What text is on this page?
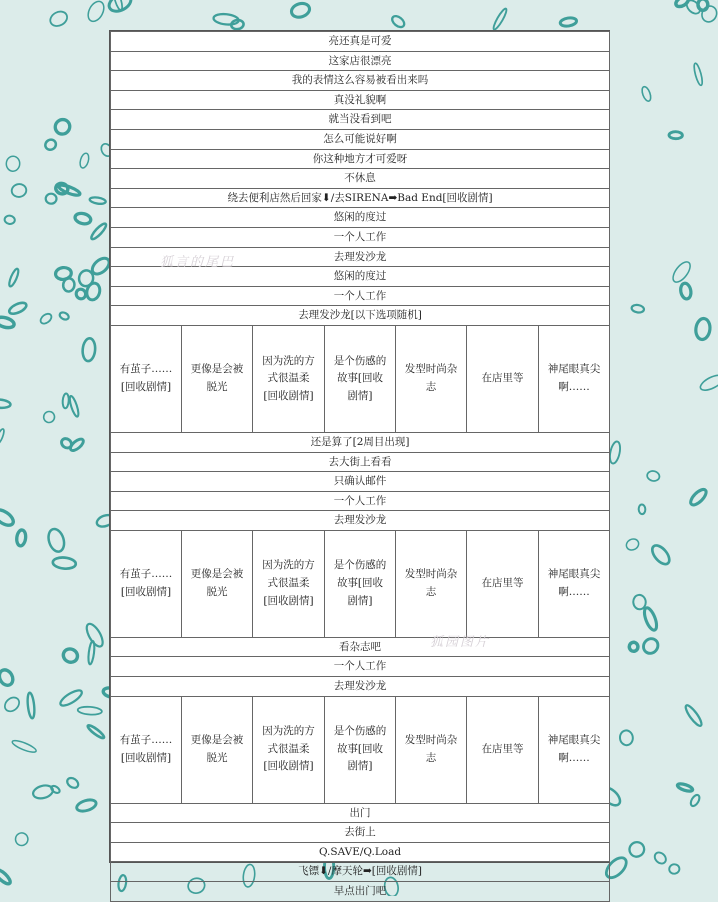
亮还真是可爱						
这家店很漂亮						
我的表情这么容易被看出来吗						
真没礼貌啊						
就当没看到吧						
怎么可能说好啊						
你这种地方才可爱呀						
不休息						
绕去便利店然后回家⬇/去SIRENA➡Bad End[回收剧情]						
悠闲的度过						
一个人工作						
去理发沙龙						
悠闲的度过						
一个人工作						
去理发沙龙[以下选项随机]						
有茧子……[回收剧情]	更像是会被脱光	因为洗的方式很温柔[回收剧情]	是个伤感的故事[回收剧情]	发型时尚杂志	在店里等	神尾眼真尖啊……
还是算了[2周目出现]						
去大街上看看						
只确认邮件						
一个人工作						
去理发沙龙						
有茧子……[回收剧情]	更像是会被脱光	因为洗的方式很温柔[回收剧情]	是个伤感的故事[回收剧情]	发型时尚杂志	在店里等	神尾眼真尖啊……
看杂志吧						
一个人工作						
去理发沙龙						
有茧子……[回收剧情]	更像是会被脱光	因为洗的方式很温柔[回收剧情]	是个伤感的故事[回收剧情]	发型时尚杂志	在店里等	神尾眼真尖啊……
出门						
去街上						
Q.SAVE/Q.Load						
飞镖⬇/摩天轮➡[回收剧情]						
早点出门吧						
狐言的尾巴
狐园图片
